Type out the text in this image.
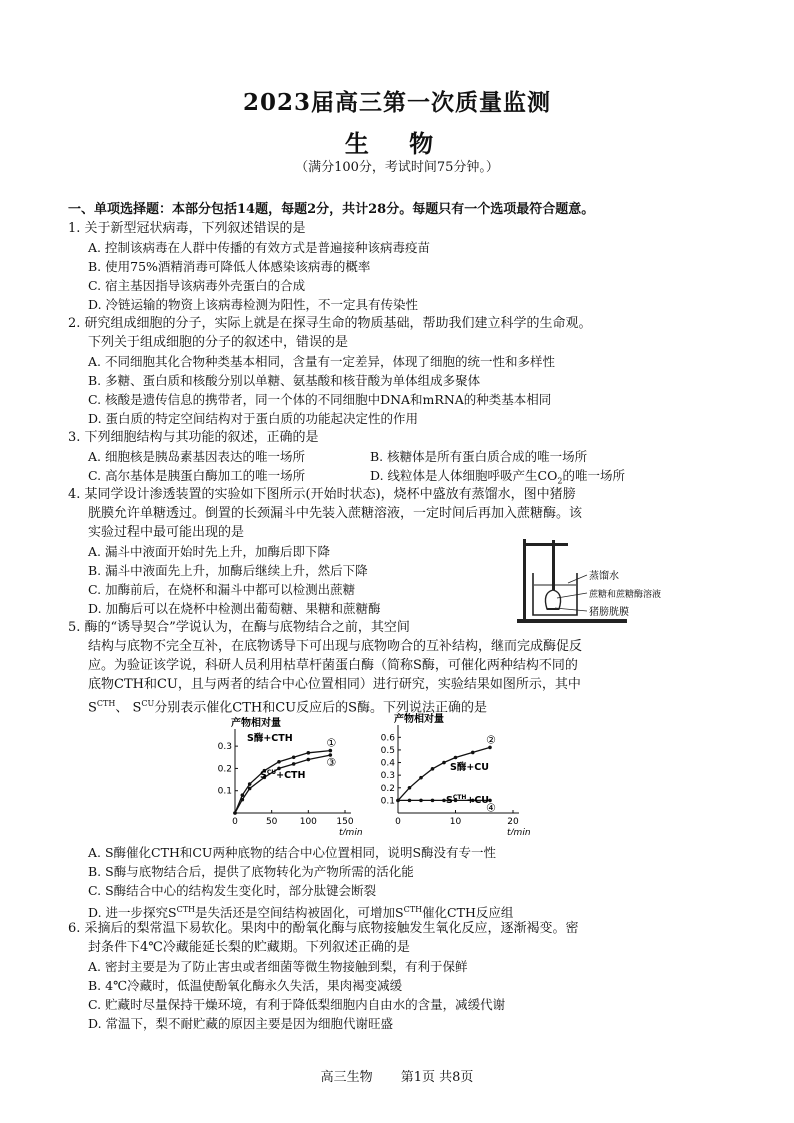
2023届高三第一次质量监测
生 物
（满分100分，考试时间75分钟。）
一、单项选择题：本部分包括14题，每题2分，共计28分。每题只有一个选项最符合题意。
1. 关于新型冠状病毒，下列叙述错误的是
A. 控制该病毒在人群中传播的有效方式是普遍接种该病毒疫苗
B. 使用75%酒精消毒可降低人体感染该病毒的概率
C. 宿主基因指导该病毒外壳蛋白的合成
D. 冷链运输的物资上该病毒检测为阳性，不一定具有传染性
2. 研究组成细胞的分子，实际上就是在探寻生命的物质基础，帮助我们建立科学的生命观。
下列关于组成细胞的分子的叙述中，错误的是
A. 不同细胞其化合物种类基本相同，含量有一定差异，体现了细胞的统一性和多样性
B. 多糖、蛋白质和核酸分别以单糖、氨基酸和核苷酸为单体组成多聚体
C. 核酸是遗传信息的携带者，同一个体的不同细胞中DNA和mRNA的种类基本相同
D. 蛋白质的特定空间结构对于蛋白质的功能起决定性的作用
3. 下列细胞结构与其功能的叙述，正确的是
A. 细胞核是胰岛素基因表达的唯一场所	B. 核糖体是所有蛋白质合成的唯一场所
C. 高尔基体是胰蛋白酶加工的唯一场所	D. 线粒体是人体细胞呼吸产生$CO_2$的唯一场所
4. 某同学设计渗透装置的实验如下图所示(开始时状态)，烧杯中盛放有蒸馏水，图中猪膀
胱膜允许单糖透过。倒置的长颈漏斗中先装入蔗糖溶液，一定时间后再加入蔗糖酶。该
实验过程中最可能出现的是
A. 漏斗中液面开始时先上升，加酶后即下降
B. 漏斗中液面先上升，加酶后继续上升，然后下降
C. 加酶前后，在烧杯和漏斗中都可以检测出蔗糖
D. 加酶后可以在烧杯中检测出葡萄糖、果糖和蔗糖酶
蒸馏水
蔗糖和蔗糖酶溶液
猪膀胱膜
5. 酶的“诱导契合”学说认为，在酶与底物结合之前，其空间
结构与底物不完全互补，在底物诱导下可出现与底物吻合的互补结构，继而完成酶促反
应。为验证该学说，科研人员利用枯草杆菌蛋白酶（简称S酶，可催化两种结构不同的
底物CTH和CU，且与两者的结合中心位置相同）进行研究，实验结果如图所示，其中
$S^{CTH}$、 $S^{CU}$分别表示催化CTH和CU反应后的S酶。下列说法正确的是
产物相对量
t/min
0	50 100 150
0.1
0.2
0.3
S酶+CTH	①
$S^{CU}+CTH$
③
产物相对量
t/min
0	10	20
0.1
0.2
0.3
0.4
0.5
0.6
S酶+CU
②
$S^{CTH}+CU$
④
A. S酶催化CTH和CU两种底物的结合中心位置相同，说明S酶没有专一性
B. S酶与底物结合后，提供了底物转化为产物所需的活化能
C. S酶结合中心的结构发生变化时，部分肽键会断裂
D. 进一步探究$S^{CTH}$是失活还是空间结构被固化，可增加$S^{CTH}$催化CTH反应组
6. 采摘后的梨常温下易软化。果肉中的酚氧化酶与底物接触发生氧化反应，逐渐褐变。密
封条件下4℃冷藏能延长梨的贮藏期。下列叙述正确的是
A. 密封主要是为了防止害虫或者细菌等微生物接触到梨，有利于保鲜
B. 4℃冷藏时，低温使酚氧化酶永久失活，果肉褐变减缓
C. 贮藏时尽量保持干燥环境，有利于降低梨细胞内自由水的含量，减缓代谢
D. 常温下，梨不耐贮藏的原因主要是因为细胞代谢旺盛
高三生物 第1页 共8页
